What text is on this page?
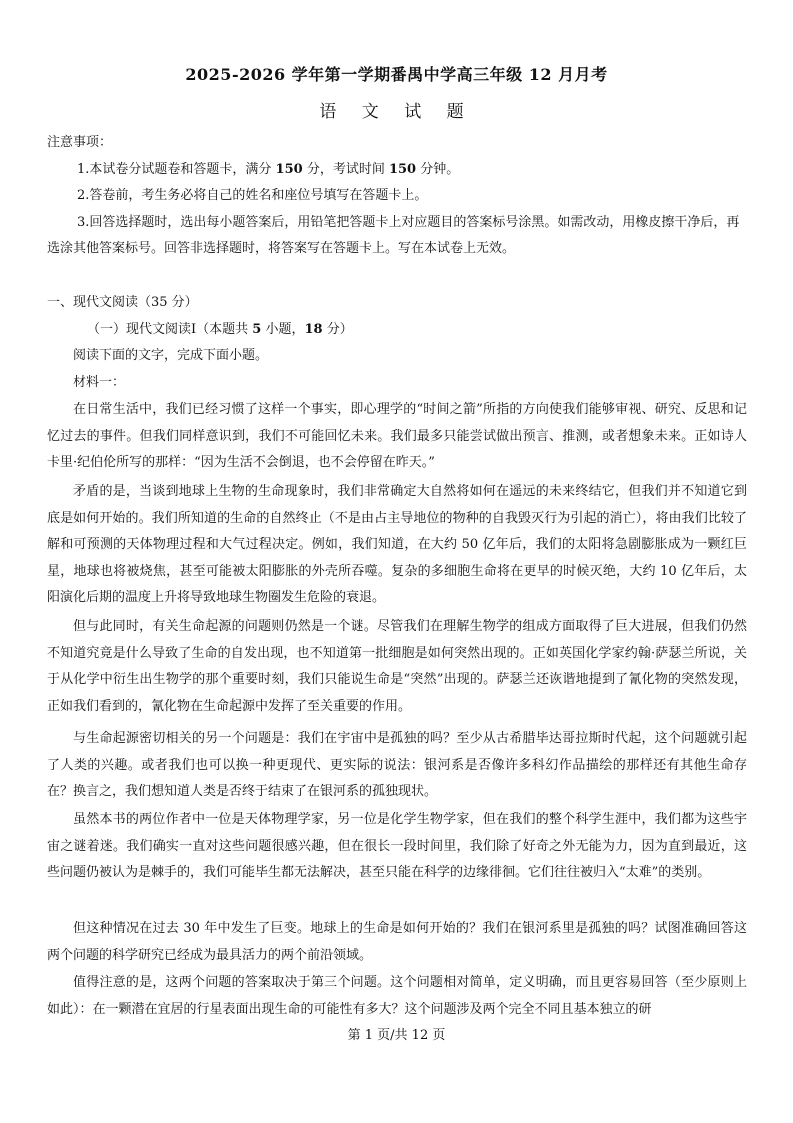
2025-2026 学年第一学期番禺中学高三年级 12 月月考
语 文 试 题
注意事项：
1.本试卷分试题卷和答题卡，满分 150 分，考试时间 150 分钟。
2.答卷前，考生务必将自己的姓名和座位号填写在答题卡上。
3.回答选择题时，选出每小题答案后，用铅笔把答题卡上对应题目的答案标号涂黑。如需改动，用橡皮擦干净后，再选涂其他答案标号。回答非选择题时，将答案写在答题卡上。写在本试卷上无效。
一、现代文阅读（35 分）
（一）现代文阅读Ⅰ（本题共 5 小题，18 分）
阅读下面的文字，完成下面小题。
材料一：
在日常生活中，我们已经习惯了这样一个事实，即心理学的“时间之箭”所指的方向使我们能够审视、研究、反思和记忆过去的事件。但我们同样意识到，我们不可能回忆未来。我们最多只能尝试做出预言、推测，或者想象未来。正如诗人卡里·纪伯伦所写的那样：“因为生活不会倒退，也不会停留在昨天。”
矛盾的是，当谈到地球上生物的生命现象时，我们非常确定大自然将如何在遥远的未来终结它，但我们并不知道它到底是如何开始的。我们所知道的生命的自然终止（不是由占主导地位的物种的自我毁灭行为引起的消亡），将由我们比较了解和可预测的天体物理过程和大气过程决定。例如，我们知道，在大约 50 亿年后，我们的太阳将急剧膨胀成为一颗红巨星，地球也将被烧焦，甚至可能被太阳膨胀的外壳所吞噬。复杂的多细胞生命将在更早的时候灭绝，大约 10 亿年后，太阳演化后期的温度上升将导致地球生物圈发生危险的衰退。
但与此同时，有关生命起源的问题则仍然是一个谜。尽管我们在理解生物学的组成方面取得了巨大进展，但我们仍然不知道究竟是什么导致了生命的自发出现，也不知道第一批细胞是如何突然出现的。正如英国化学家约翰·萨瑟兰所说，关于从化学中衍生出生物学的那个重要时刻，我们只能说生命是“突然”出现的。萨瑟兰还诙谐地提到了氰化物的突然发现，正如我们看到的，氰化物在生命起源中发挥了至关重要的作用。
与生命起源密切相关的另一个问题是：我们在宇宙中是孤独的吗？至少从古希腊毕达哥拉斯时代起，这个问题就引起了人类的兴趣。或者我们也可以换一种更现代、更实际的说法：银河系是否像许多科幻作品描绘的那样还有其他生命存在？换言之，我们想知道人类是否终于结束了在银河系的孤独现状。
虽然本书的两位作者中一位是天体物理学家，另一位是化学生物学家，但在我们的整个科学生涯中，我们都为这些宇宙之谜着迷。我们确实一直对这些问题很感兴趣，但在很长一段时间里，我们除了好奇之外无能为力，因为直到最近，这些问题仍被认为是棘手的，我们可能毕生都无法解决，甚至只能在科学的边缘徘徊。它们往往被归入“太难”的类别。
但这种情况在过去 30 年中发生了巨变。地球上的生命是如何开始的？我们在银河系里是孤独的吗？试图准确回答这两个问题的科学研究已经成为最具活力的两个前沿领域。
值得注意的是，这两个问题的答案取决于第三个问题。这个问题相对简单，定义明确，而且更容易回答（至少原则上如此）：在一颗潜在宜居的行星表面出现生命的可能性有多大？这个问题涉及两个完全不同且基本独立的研
第 1 页/共 12 页
